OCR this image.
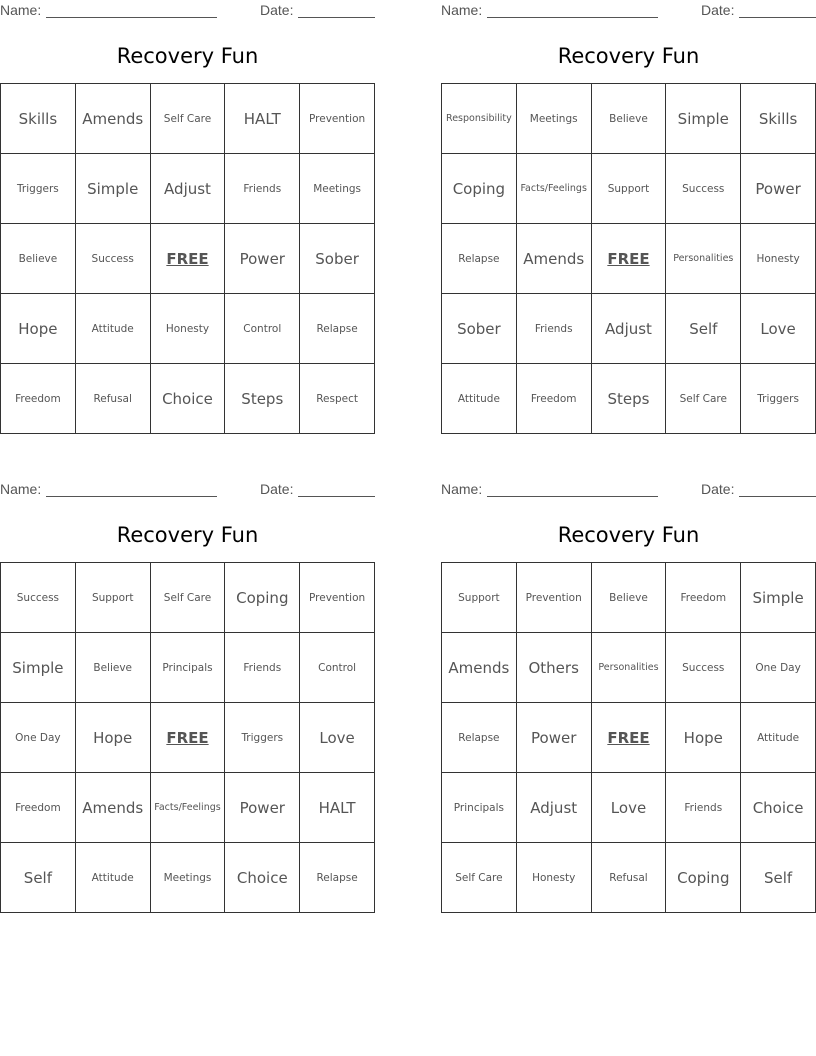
Name:	Date:
Recovery Fun
Skills	Amends	Self Care	HALT	Prevention
Triggers	Simple	Adjust	Friends	Meetings
Believe	Success	FREE	Power	Sober
Hope	Attitude	Honesty	Control	Relapse
Freedom	Refusal	Choice	Steps	Respect
Name:	Date:
Recovery Fun
Responsibility	Meetings	Believe	Simple	Skills
Coping	Facts/Feelings	Support	Success	Power
Relapse	Amends	FREE	Personalities	Honesty
Sober	Friends	Adjust	Self	Love
Attitude	Freedom	Steps	Self Care	Triggers
Name:	Date:
Recovery Fun
Success	Support	Self Care	Coping	Prevention
Simple	Believe	Principals	Friends	Control
One Day	Hope	FREE	Triggers	Love
Freedom	Amends	Facts/Feelings	Power	HALT
Self	Attitude	Meetings	Choice	Relapse
Name:	Date:
Recovery Fun
Support	Prevention	Believe	Freedom	Simple
Amends	Others	Personalities	Success	One Day
Relapse	Power	FREE	Hope	Attitude
Principals	Adjust	Love	Friends	Choice
Self Care	Honesty	Refusal	Coping	Self
